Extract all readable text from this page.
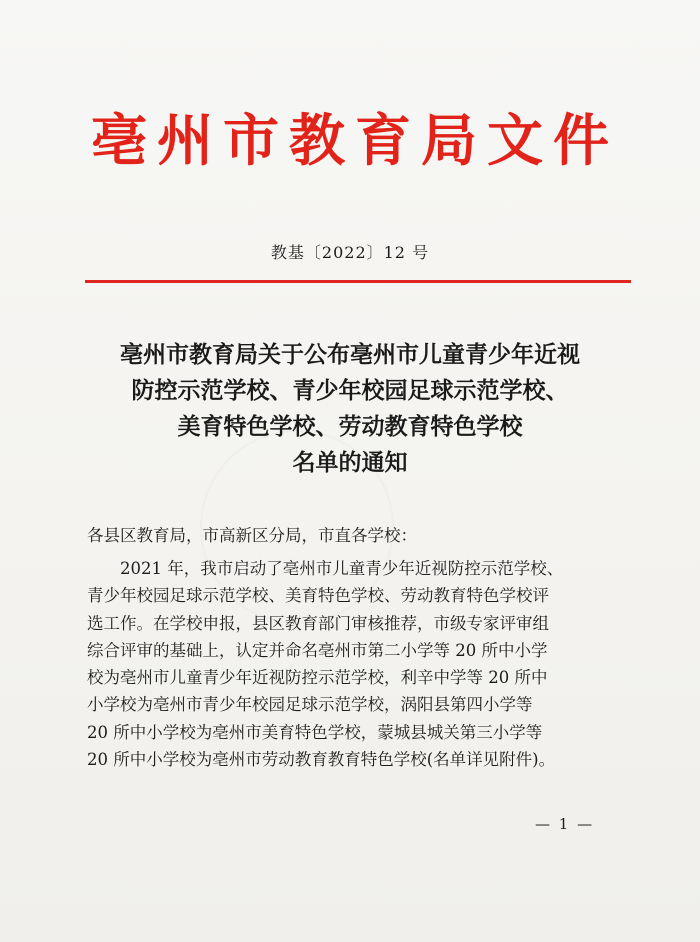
亳州市教育局文件
教基〔2022〕12 号
亳州市教育局关于公布亳州市儿童青少年近视
防控示范学校、青少年校园足球示范学校、
美育特色学校、劳动教育特色学校
名单的通知
各县区教育局，市高新区分局，市直各学校：
　　2021 年，我市启动了亳州市儿童青少年近视防控示范学校、
青少年校园足球示范学校、美育特色学校、劳动教育特色学校评
选工作。在学校申报，县区教育部门审核推荐，市级专家评审组
综合评审的基础上，认定并命名亳州市第二小学等 20 所中小学
校为亳州市儿童青少年近视防控示范学校，利辛中学等 20 所中
小学校为亳州市青少年校园足球示范学校，涡阳县第四小学等
20 所中小学校为亳州市美育特色学校，蒙城县城关第三小学等
20 所中小学校为亳州市劳动教育教育特色学校(名单详见附件)。
— 1 —
